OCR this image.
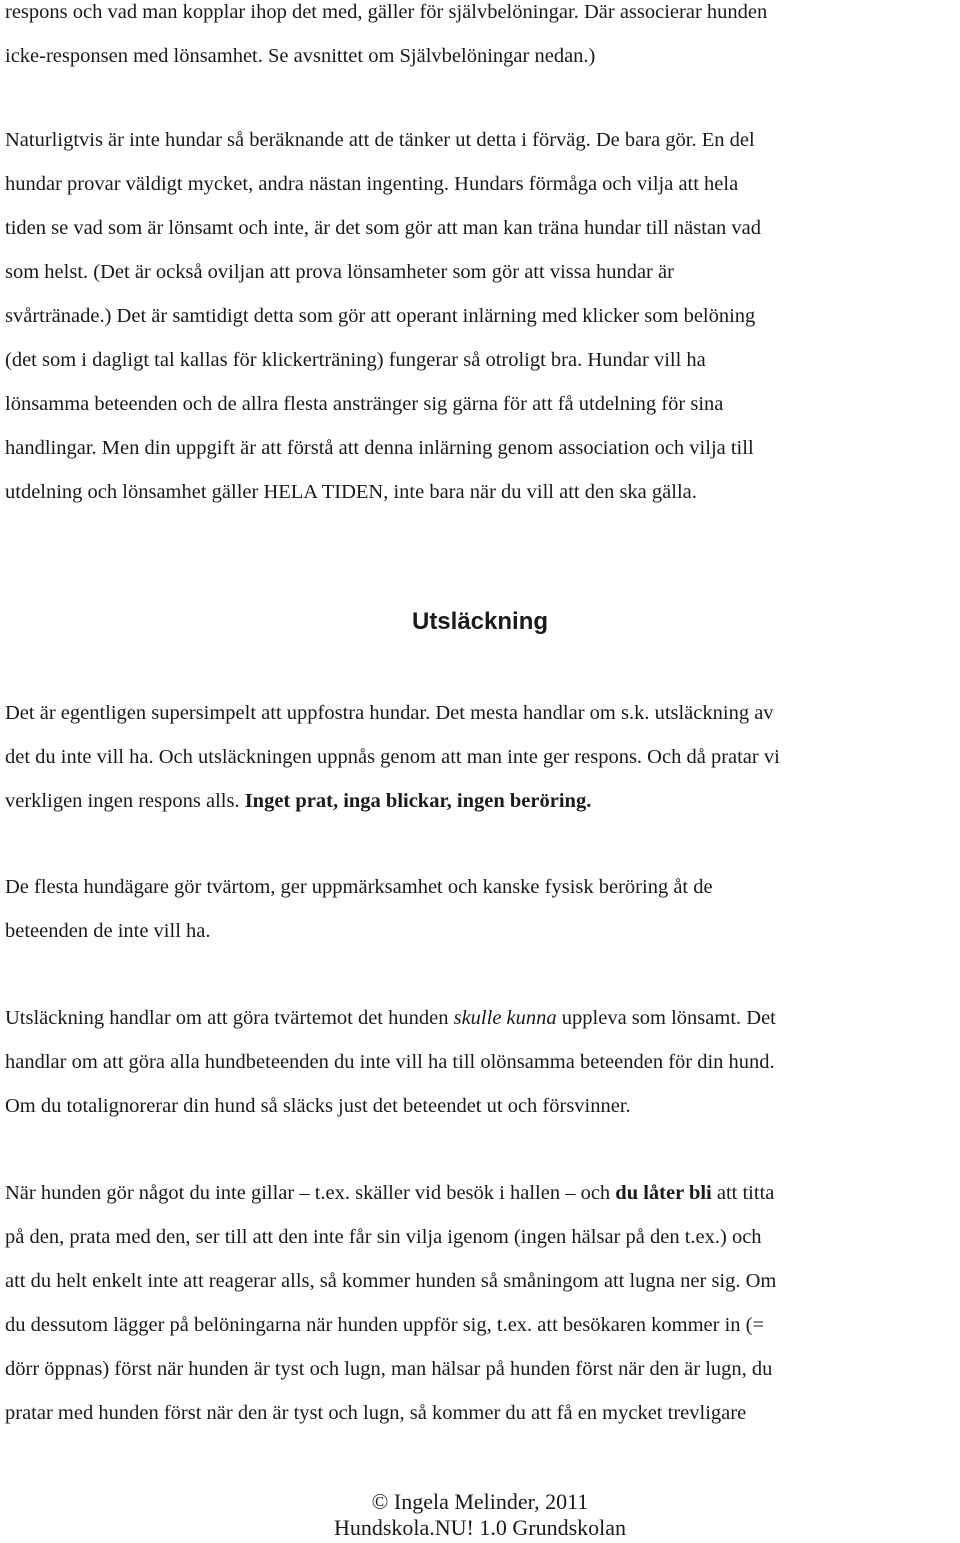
respons och vad man kopplar ihop det med, gäller för självbelöningar. Där associerar hunden
icke-responsen med lönsamhet. Se avsnittet om Självbelöningar nedan.)

Naturligtvis är inte hundar så beräknande att de tänker ut detta i förväg. De bara gör. En del
hundar provar väldigt mycket, andra nästan ingenting. Hundars förmåga och vilja att hela
tiden se vad som är lönsamt och inte, är det som gör att man kan träna hundar till nästan vad
som helst. (Det är också oviljan att prova lönsamheter som gör att vissa hundar är
svårtränade.) Det är samtidigt detta som gör att operant inlärning med klicker som belöning
(det som i dagligt tal kallas för klickerträning) fungerar så otroligt bra. Hundar vill ha
lönsamma beteenden och de allra flesta anstränger sig gärna för att få utdelning för sina
handlingar. Men din uppgift är att förstå att denna inlärning genom association och vilja till
utdelning och lönsamhet gäller HELA TIDEN, inte bara när du vill att den ska gälla.

Utsläckning

Det är egentligen supersimpelt att uppfostra hundar. Det mesta handlar om s.k. utsläckning av
det du inte vill ha. Och utsläckningen uppnås genom att man inte ger respons. Och då pratar vi
verkligen ingen respons alls. Inget prat, inga blickar, ingen beröring.

De flesta hundägare gör tvärtom, ger uppmärksamhet och kanske fysisk beröring åt de
beteenden de inte vill ha.

Utsläckning handlar om att göra tvärtemot det hunden skulle kunna uppleva som lönsamt. Det
handlar om att göra alla hundbeteenden du inte vill ha till olönsamma beteenden för din hund.
Om du totalignorerar din hund så släcks just det beteendet ut och försvinner.

När hunden gör något du inte gillar – t.ex. skäller vid besök i hallen – och du låter bli att titta
på den, prata med den, ser till att den inte får sin vilja igenom (ingen hälsar på den t.ex.) och
att du helt enkelt inte att reagerar alls, så kommer hunden så småningom att lugna ner sig. Om
du dessutom lägger på belöningarna när hunden uppför sig, t.ex. att besökaren kommer in (=
dörr öppnas) först när hunden är tyst och lugn, man hälsar på hunden först när den är lugn, du
pratar med hunden först när den är tyst och lugn, så kommer du att få en mycket trevligare

© Ingela Melinder, 2011
Hundskola.NU! 1.0 Grundskolan
